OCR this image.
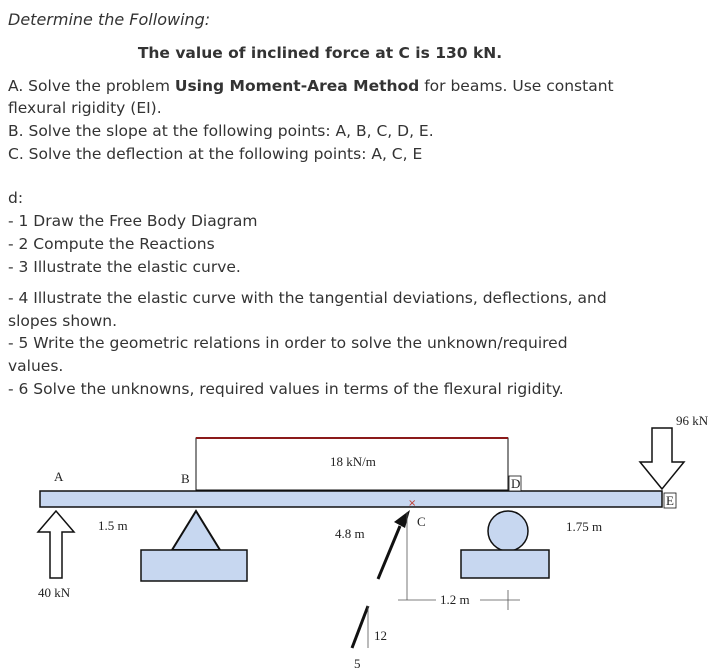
Determine the Following:
The value of inclined force at C is 130 kN.
A. Solve the problem Using Moment-Area Method for beams. Use constant
flexural rigidity (EI).
B. Solve the slope at the following points: A, B, C, D, E.
C. Solve the deflection at the following points: A, C, E
d:
- 1 Draw the Free Body Diagram
- 2 Compute the Reactions
- 3 Illustrate the elastic curve.
- 4 Illustrate the elastic curve with the tangential deviations, deflections, and
slopes shown.
- 5 Write the geometric relations in order to solve the unknown/required
values.
- 6 Solve the unknowns, required values in terms of the flexural rigidity.
18 kN/m
A	B
C
D
E
40 kN
96 kN
×
12
5
1.5 m
4.8 m	1.75 m
1.2 m
